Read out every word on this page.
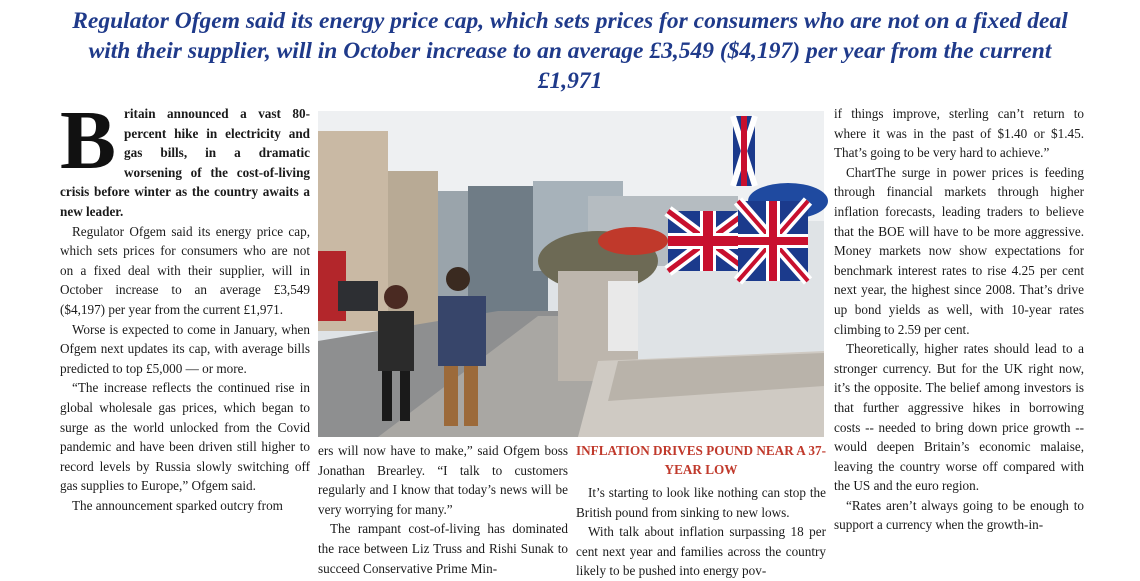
Regulator Ofgem said its energy price cap, which sets prices for consumers who are not on a fixed deal with their supplier, will in October increase to an average £3,549 ($4,197) per year from the current £1,971

Britain announced a vast 80-percent hike in electricity and gas bills, in a dramatic worsening of the cost-of-living crisis before winter as the country awaits a new leader.

Regulator Ofgem said its energy price cap, which sets prices for consumers who are not on a fixed deal with their supplier, will in October increase to an average £3,549 ($4,197) per year from the current £1,971.

Worse is expected to come in January, when Ofgem next updates its cap, with average bills predicted to top £5,000 — or more.

“The increase reflects the continued rise in global wholesale gas prices, which began to surge as the world unlocked from the Covid pandemic and have been driven still higher to record levels by Russia slowly switching off gas supplies to Europe,” Ofgem said.

The announcement sparked outcry from

ers will now have to make,” said Ofgem boss Jonathan Brearley. “I talk to customers regularly and I know that today’s news will be very worrying for many.”

The rampant cost-of-living has dominated the race between Liz Truss and Rishi Sunak to succeed Conservative Prime Min-

INFLATION DRIVES POUND NEAR A 37-YEAR LOW

It’s starting to look like nothing can stop the British pound from sinking to new lows.

With talk about inflation surpassing 18 per cent next year and families across the country likely to be pushed into energy pov-

if things improve, sterling can’t return to where it was in the past of $1.40 or $1.45. That’s going to be very hard to achieve.”

ChartThe surge in power prices is feeding through financial markets through higher inflation forecasts, leading traders to believe that the BOE will have to be more aggressive. Money markets now show expectations for benchmark interest rates to rise 4.25 per cent next year, the highest since 2008. That’s drive up bond yields as well, with 10-year rates climbing to 2.59 per cent.

Theoretically, higher rates should lead to a stronger currency. But for the UK right now, it’s the opposite. The belief among investors is that further aggressive hikes in borrowing costs -- needed to bring down price growth -- would deepen Britain’s economic malaise, leaving the country worse off compared with the US and the euro region.

“Rates aren’t always going to be enough to support a currency when the growth-in-
